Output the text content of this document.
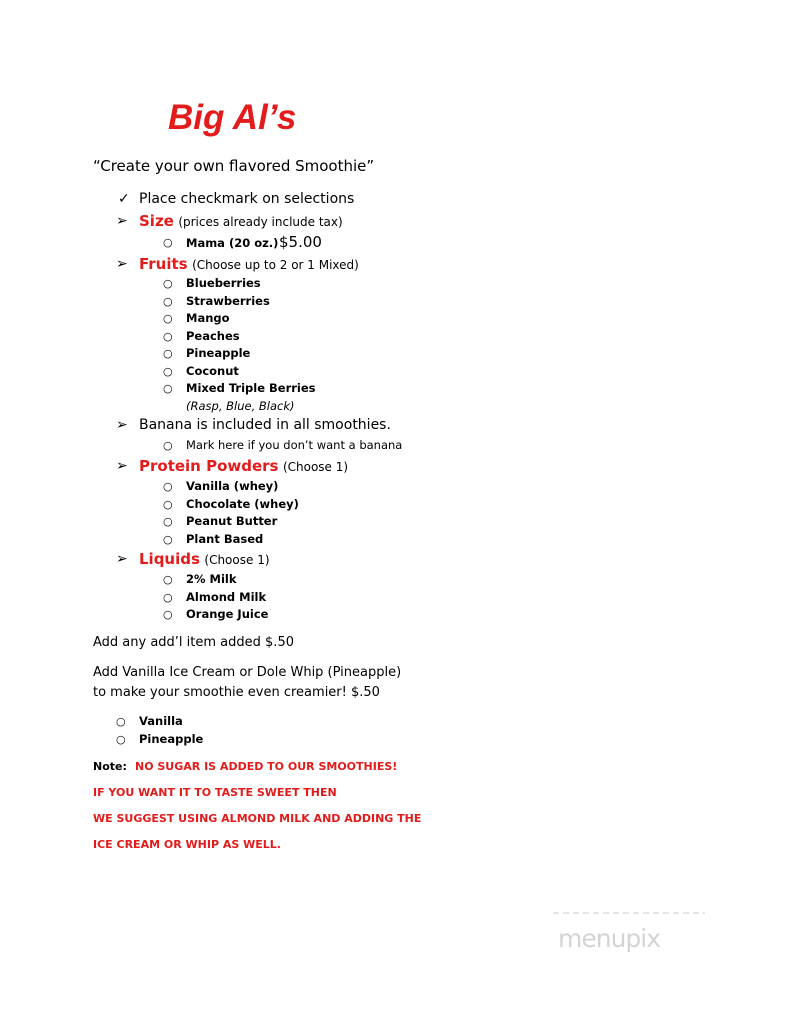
Big Al’s
“Create your own flavored Smoothie”
✓ Place checkmark on selections
➢ Size (prices already include tax)
○ Mama (20 oz.) $5.00
➢ Fruits (Choose up to 2 or 1 Mixed)
○ Blueberries
○ Strawberries
○ Mango
○ Peaches
○ Pineapple
○ Coconut
○ Mixed Triple Berries
(Rasp, Blue, Black)
➢ Banana is included in all smoothies.
○ Mark here if you don’t want a banana
➢ Protein Powders (Choose 1)
○ Vanilla (whey)
○ Chocolate (whey)
○ Peanut Butter
○ Plant Based
➢ Liquids (Choose 1)
○ 2% Milk
○ Almond Milk
○ Orange Juice
Add any add’l item added $.50
Add Vanilla Ice Cream or Dole Whip (Pineapple)
to make your smoothie even creamier! $.50
○ Vanilla
○ Pineapple
Note: NO SUGAR IS ADDED TO OUR SMOOTHIES!
IF YOU WANT IT TO TASTE SWEET THEN
WE SUGGEST USING ALMOND MILK AND ADDING THE
ICE CREAM OR WHIP AS WELL.
menupix
